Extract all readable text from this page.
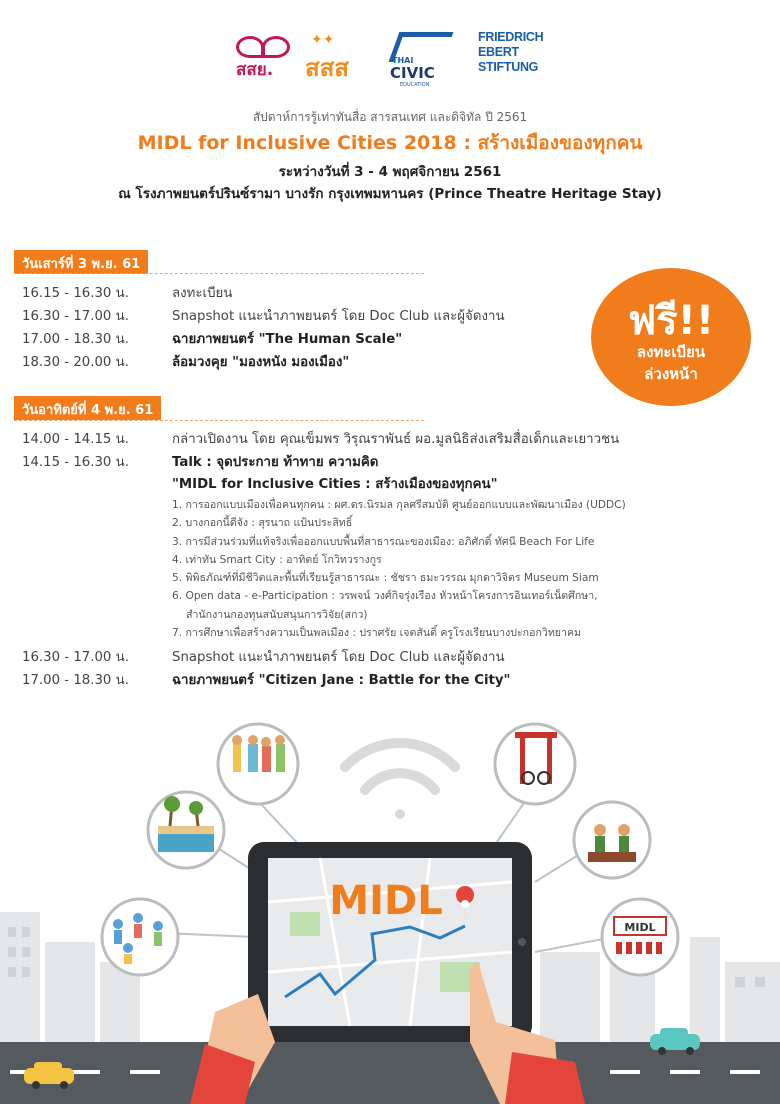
สสย.
✦✦
สสส	THAI
CIVIC
EDUCATION
FRIEDRICH
EBERT
STIFTUNG
สัปดาห์การรู้เท่าทันสื่อ สารสนเทศ และดิจิทัล ปี 2561
MIDL for Inclusive Cities 2018 : สร้างเมืองของทุกคน
ระหว่างวันที่ 3 - 4 พฤศจิกายน 2561
ณ โรงภาพยนตร์ปรินซ์รามา บางรัก กรุงเทพมหานคร (Prince Theatre Heritage Stay)
วันเสาร์ที่ 3 พ.ย. 61
16.15 - 16.30 น.	ลงทะเบียน
16.30 - 17.00 น.	Snapshot แนะนำภาพยนตร์ โดย Doc Club และผู้จัดงาน
17.00 - 18.30 น.	ฉายภาพยนตร์ "The Human Scale"
18.30 - 20.00 น.	ล้อมวงคุย "มองหนัง มองเมือง"
ฟรี!!
ลงทะเบียน
ล่วงหน้า
วันอาทิตย์ที่ 4 พ.ย. 61
14.00 - 14.15 น.	กล่าวเปิดงาน โดย คุณเข็มพร วิรุณราพันธ์ ผอ.มูลนิธิส่งเสริมสื่อเด็กและเยาวชน
14.15 - 16.30 น.	Talk : จุดประกาย ท้าทาย ความคิด
"MIDL for Inclusive Cities : สร้างเมืองของทุกคน"
1. การออกแบบเมืองเพื่อคนทุกคน : ผศ.ดร.นิรมล กุลศรีสมบัติ ศูนย์ออกแบบและพัฒนาเมือง (UDDC)
2. บางกอกนี้ดีจัง : สุรนาถ แป้นประสิทธิ์
3. การมีส่วนร่วมที่แท้จริงเพื่อออกแบบพื้นที่สาธารณะของเมือง: อภิศักดิ์ ทัศนี Beach For Life
4. เท่าทัน Smart City : อาทิตย์ โกวิทวรางกูร
5. พิพิธภัณฑ์ที่มีชีวิตและพื้นที่เรียนรู้สาธารณะ : ชัชรา ธมะวรรณ มุกดาวิจิตร Museum Siam
6. Open data - e-Participation : วรพจน์ วงศ์กิจรุ่งเรือง หัวหน้าโครงการอินเทอร์เน็ตศึกษา,
สำนักงานกองทุนสนับสนุนการวิจัย(สกว)
7. การศึกษาเพื่อสร้างความเป็นพลเมือง : ปราศรัย เจตสันติ์ ครูโรงเรียนบางปะกอกวิทยาคม
16.30 - 17.00 น.	Snapshot แนะนำภาพยนตร์ โดย Doc Club และผู้จัดงาน
17.00 - 18.30 น.	ฉายภาพยนตร์ "Citizen Jane : Battle for the City"
MIDL
MIDL
